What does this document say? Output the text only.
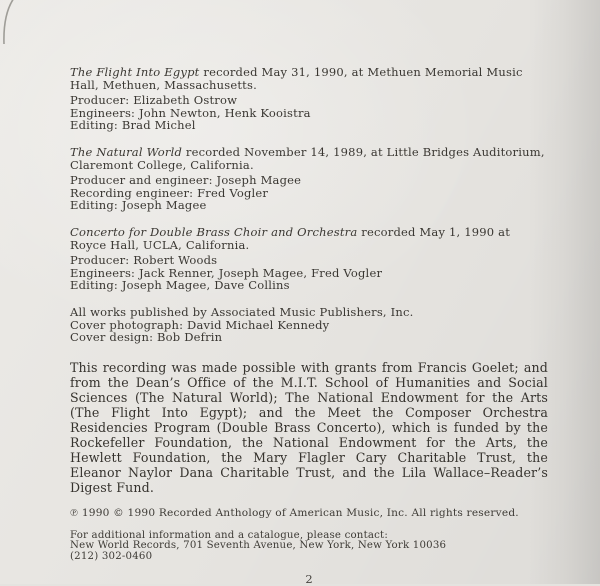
The Flight Into Egypt recorded May 31, 1990, at Methuen Memorial Music Hall, Methuen, Massachusetts.

Producer: Elizabeth Ostrow

Engineers: John Newton, Henk Kooistra

Editing: Brad Michel

The Natural World recorded November 14, 1989, at Little Bridges Auditorium, Claremont College, California.

Producer and engineer: Joseph Magee

Recording engineer: Fred Vogler

Editing: Joseph Magee

Concerto for Double Brass Choir and Orchestra recorded May 1, 1990 at Royce Hall, UCLA, California.

Producer: Robert Woods

Engineers: Jack Renner, Joseph Magee, Fred Vogler

Editing: Joseph Magee, Dave Collins

All works published by Associated Music Publishers, Inc.

Cover photograph: David Michael Kennedy

Cover design: Bob Defrin

This recording was made possible with grants from Francis Goelet; and from the Dean’s Office of the M.I.T. School of Humanities and Social Sciences (The Natural World); The National Endowment for the Arts (The Flight Into Egypt); and the Meet the Composer Orchestra Residencies Program (Double Brass Concerto), which is funded by the Rockefeller Foundation, the National Endowment for the Arts, the Hewlett Foundation, the Mary Flagler Cary Charitable Trust, the Eleanor Naylor Dana Charitable Trust, and the Lila Wallace–Reader’s Digest Fund.

℗ 1990 © 1990 Recorded Anthology of American Music, Inc. All rights reserved.

For additional information and a catalogue, please contact:

New World Records, 701 Seventh Avenue, New York, New York 10036

(212) 302-0460

2
